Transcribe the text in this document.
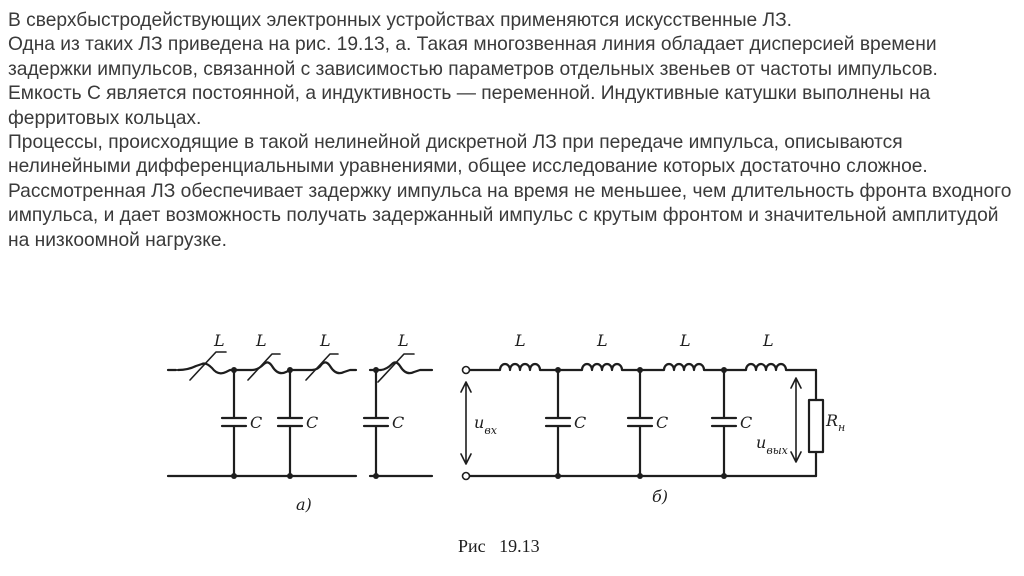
В сверхбыстродействующих электронных устройствах применяются искусственные ЛЗ.

Одна из таких ЛЗ приведена на рис. 19.13, а. Такая многозвенная линия обладает дисперсией времени задержки импульсов, связанной с зависимостью параметров отдельных звеньев от частоты импульсов.

Емкость С является постоянной, а индуктивность — переменной. Индуктивные катушки выполнены на ферритовых кольцах.

Процессы, происходящие в такой нелинейной дискретной ЛЗ при передаче импульса, описываются нелинейными дифференциальными уравнениями, общее исследование которых достаточно сложное. Рассмотренная ЛЗ обеспечивает задержку импульса на время не меньшее, чем длительность фронта входного импульса, и дает возможность получать задержанный импульс с крутым фронтом и значительной амплитудой на низкоомной нагрузке.

L L	L	L
C	C	C
а)
L	L	L	L
C	C	C
$u_{вх}$
$u_{вых}$
$R_н$
б)
Рис   19.13
